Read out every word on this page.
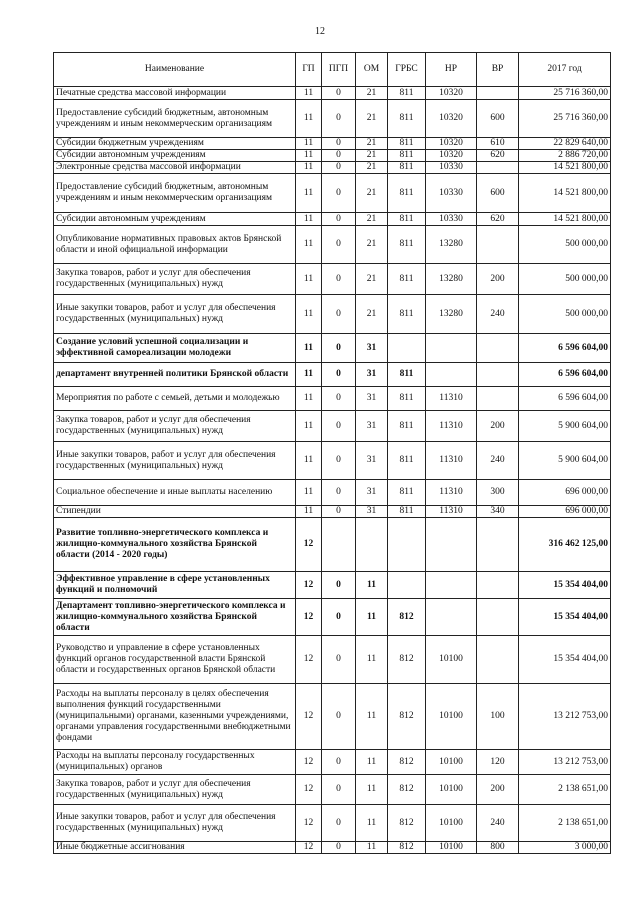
12
Наименование	ГП	ПГП	ОМ	ГРБС	НР	ВР	2017 год
Печатные средства массовой информации	11	0	21	811	10320		25 716 360,00
Предоставление субсидий бюджетным, автономным учреждениям и иным некоммерческим организациям	11	0	21	811	10320	600	25 716 360,00
Субсидии бюджетным учреждениям	11	0	21	811	10320	610	22 829 640,00
Субсидии автономным учреждениям	11	0	21	811	10320	620	2 886 720,00
Электронные средства массовой информации	11	0	21	811	10330		14 521 800,00
Предоставление субсидий бюджетным, автономным учреждениям и иным некоммерческим организациям	11	0	21	811	10330	600	14 521 800,00
Субсидии автономным учреждениям	11	0	21	811	10330	620	14 521 800,00
Опубликование нормативных правовых актов Брянской области и иной официальной информации	11	0	21	811	13280		500 000,00
Закупка товаров, работ и услуг для обеспечения государственных (муниципальных) нужд	11	0	21	811	13280	200	500 000,00
Иные закупки товаров, работ и услуг для обеспечения государственных (муниципальных) нужд	11	0	21	811	13280	240	500 000,00
Создание условий успешной социализации и эффективной самореализации молодежи	11	0	31				6 596 604,00
департамент внутренней политики Брянской области	11	0	31	811			6 596 604,00
Мероприятия по работе с семьей, детьми и молодежью	11	0	31	811	11310		6 596 604,00
Закупка товаров, работ и услуг для обеспечения государственных (муниципальных) нужд	11	0	31	811	11310	200	5 900 604,00
Иные закупки товаров, работ и услуг для обеспечения государственных (муниципальных) нужд	11	0	31	811	11310	240	5 900 604,00
Социальное обеспечение и иные выплаты населению	11	0	31	811	11310	300	696 000,00
Стипендии	11	0	31	811	11310	340	696 000,00
Развитие топливно-энергетического комплекса и жилищно-коммунального хозяйства Брянской области (2014 - 2020 годы)	12						316 462 125,00
Эффективное управление в сфере установленных функций и полномочий	12	0	11				15 354 404,00
Департамент топливно-энергетического комплекса и жилищно-коммунального хозяйства Брянской области	12	0	11	812			15 354 404,00
Руководство и управление в сфере установленных функций органов государственной власти Брянской области и государственных органов Брянской области	12	0	11	812	10100		15 354 404,00
Расходы на выплаты персоналу в целях обеспечения выполнения функций государственными (муниципальными) органами, казенными учреждениями, органами управления государственными внебюджетными фондами	12	0	11	812	10100	100	13 212 753,00
Расходы на выплаты персоналу государственных (муниципальных) органов	12	0	11	812	10100	120	13 212 753,00
Закупка товаров, работ и услуг для обеспечения государственных (муниципальных) нужд	12	0	11	812	10100	200	2 138 651,00
Иные закупки товаров, работ и услуг для обеспечения государственных (муниципальных) нужд	12	0	11	812	10100	240	2 138 651,00
Иные бюджетные ассигнования	12	0	11	812	10100	800	3 000,00
